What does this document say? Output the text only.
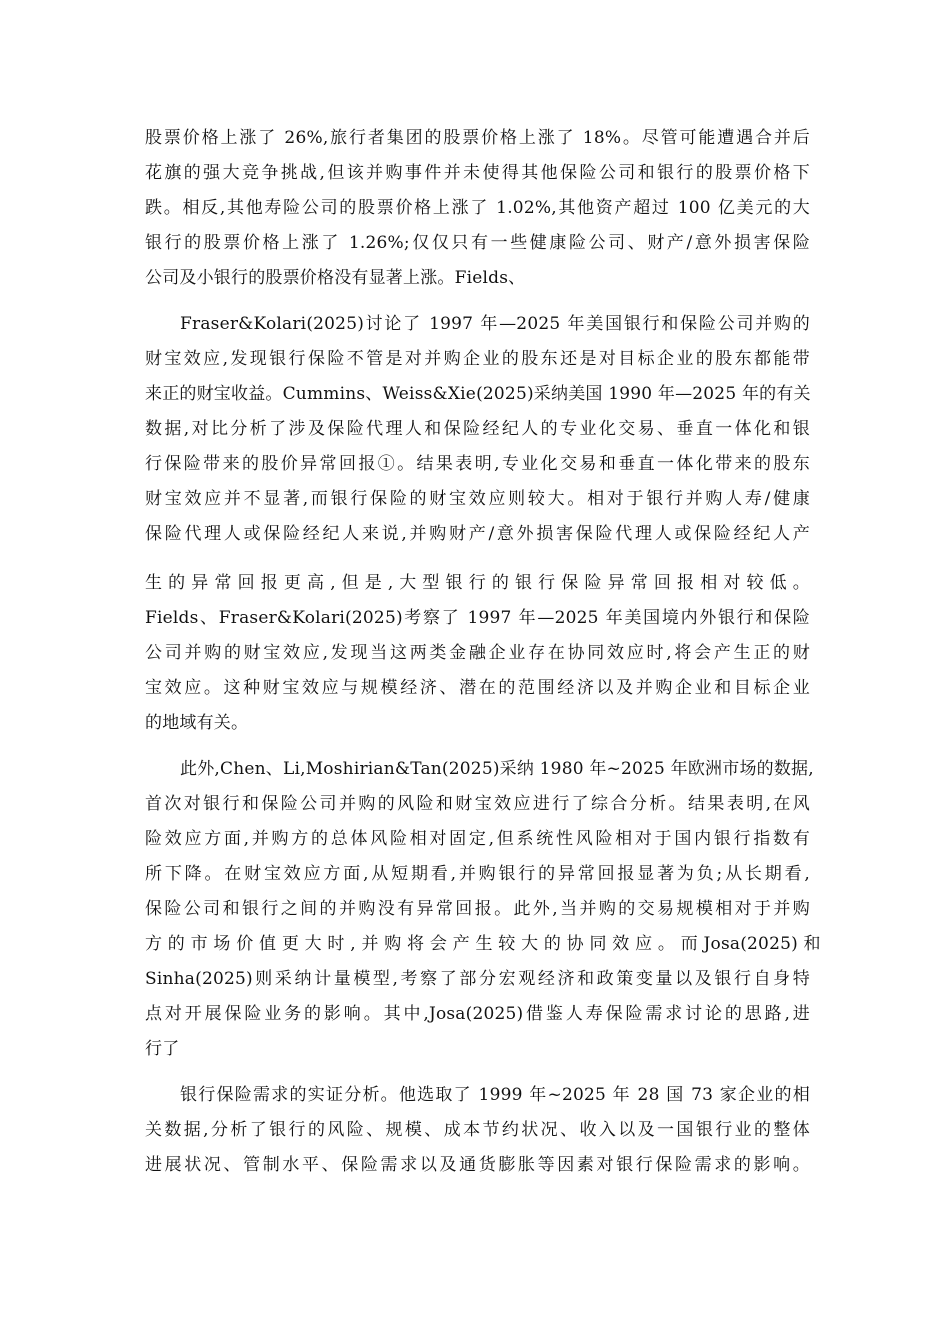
股票价格上涨了 26%,旅行者集团的股票价格上涨了 18%。尽管可能遭遇合并后
花旗的强大竞争挑战,但该并购事件并未使得其他保险公司和银行的股票价格下
跌。相反,其他寿险公司的股票价格上涨了 1.02%,其他资产超过 100 亿美元的大
银行的股票价格上涨了 1.26%;仅仅只有一些健康险公司、财产/意外损害保险
公司及小银行的股票价格没有显著上涨。Fields、
Fraser&Kolari(2025)讨论了 1997 年—2025 年美国银行和保险公司并购的
财宝效应,发现银行保险不管是对并购企业的股东还是对目标企业的股东都能带
来正的财宝收益。Cummins、Weiss&Xie(2025)采纳美国 1990 年—2025 年的有关
数据,对比分析了涉及保险代理人和保险经纪人的专业化交易、垂直一体化和银
行保险带来的股价异常回报①。结果表明,专业化交易和垂直一体化带来的股东
财宝效应并不显著,而银行保险的财宝效应则较大。相对于银行并购人寿/健康
保险代理人或保险经纪人来说,并购财产/意外损害保险代理人或保险经纪人产
生 的 异 常 回 报 更 高 , 但 是 , 大 型 银 行 的 银 行 保 险 异 常 回 报 相 对 较 低 。
Fields、Fraser&Kolari(2025)考察了 1997 年—2025 年美国境内外银行和保险
公司并购的财宝效应,发现当这两类金融企业存在协同效应时,将会产生正的财
宝效应。这种财宝效应与规模经济、潜在的范围经济以及并购企业和目标企业
的地域有关。
此外,Chen、Li,Moshirian&Tan(2025)采纳 1980 年~2025 年欧洲市场的数据,
首次对银行和保险公司并购的风险和财宝效应进行了综合分析。结果表明,在风
险效应方面,并购方的总体风险相对固定,但系统性风险相对于国内银行指数有
所下降。在财宝效应方面,从短期看,并购银行的异常回报显著为负;从长期看,
保险公司和银行之间的并购没有异常回报。此外,当并购的交易规模相对于并购
方 的 市 场 价 值 更 大 时 , 并 购 将 会 产 生 较 大 的 协 同 效 应 。 而 Josa(2025) 和
Sinha(2025)则采纳计量模型,考察了部分宏观经济和政策变量以及银行自身特
点对开展保险业务的影响。其中,Josa(2025)借鉴人寿保险需求讨论的思路,进
行了
银行保险需求的实证分析。他选取了 1999 年~2025 年 28 国 73 家企业的相
关数据,分析了银行的风险、规模、成本节约状况、收入以及一国银行业的整体
进展状况、管制水平、保险需求以及通货膨胀等因素对银行保险需求的影响。
